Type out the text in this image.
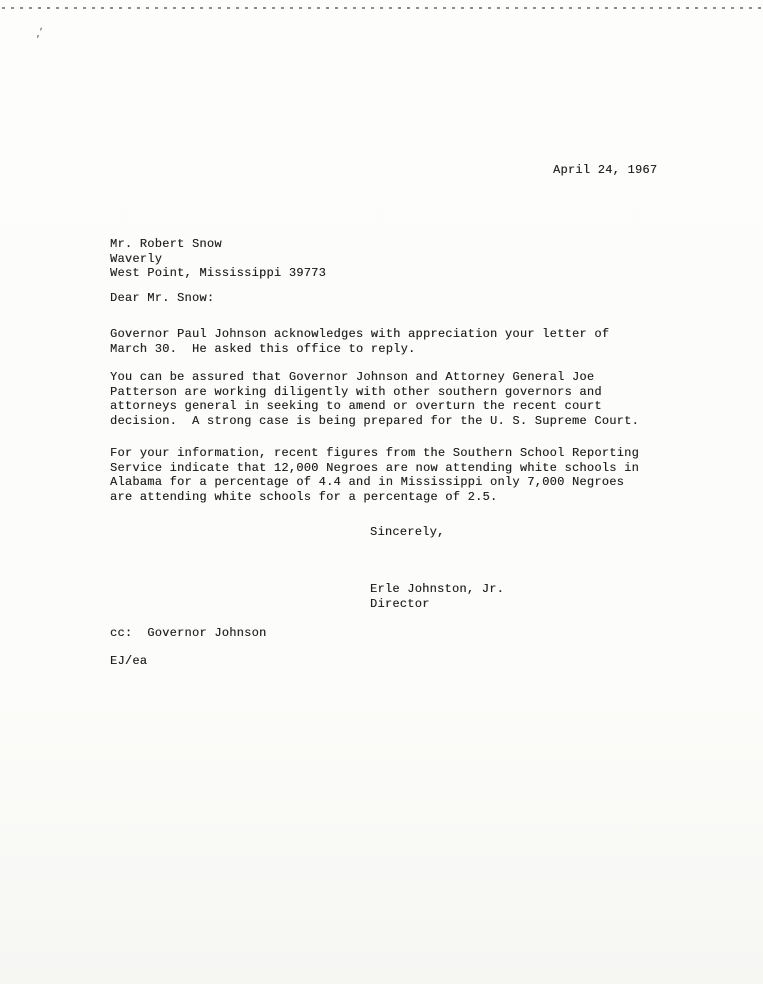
,’
April 24, 1967
Mr. Robert Snow
Waverly
West Point, Mississippi 39773
Dear Mr. Snow:
Governor Paul Johnson acknowledges with appreciation your letter of
March 30.  He asked this office to reply.
You can be assured that Governor Johnson and Attorney General Joe
Patterson are working diligently with other southern governors and
attorneys general in seeking to amend or overturn the recent court
decision.  A strong case is being prepared for the U. S. Supreme Court.
For your information, recent figures from the Southern School Reporting
Service indicate that 12,000 Negroes are now attending white schools in
Alabama for a percentage of 4.4 and in Mississippi only 7,000 Negroes
are attending white schools for a percentage of 2.5.
Sincerely,
Erle Johnston, Jr.
Director
cc:  Governor Johnson
EJ/ea
